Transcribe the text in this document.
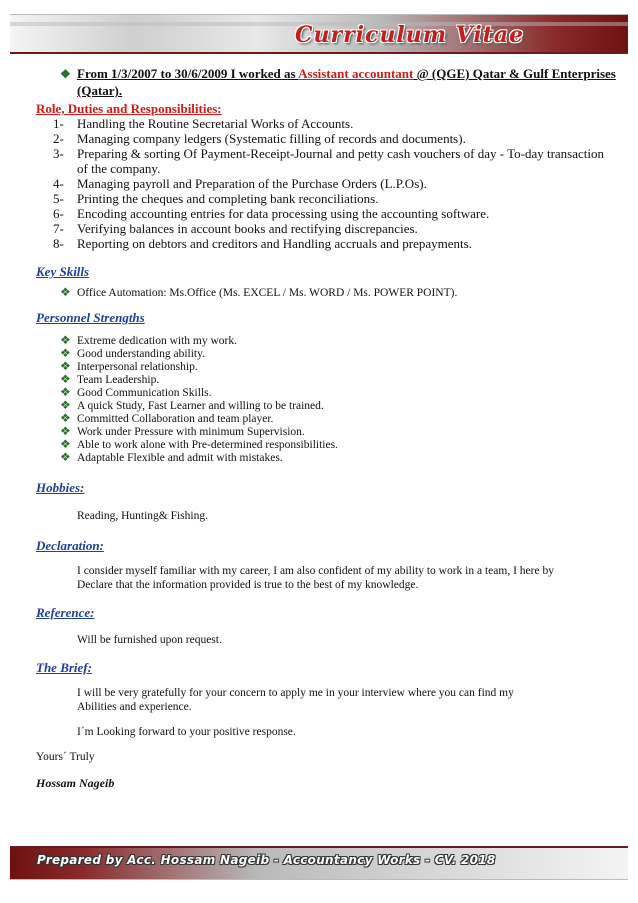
Curriculum Vitae
❖ From 1/3/2007 to 30/6/2009 I worked as Assistant accountant @ (QGE) Qatar & Gulf Enterprises
(Qatar).
Role, Duties and Responsibilities:
1- Handling the Routine Secretarial Works of Accounts.
2- Managing company ledgers (Systematic filling of records and documents).
3- Preparing & sorting Of Payment-Receipt-Journal and petty cash vouchers of day - To-day transaction
of the company.
4- Managing payroll and Preparation of the Purchase Orders (L.P.Os).
5- Printing the cheques and completing bank reconciliations.
6- Encoding accounting entries for data processing using the accounting software.
7- Verifying balances in account books and rectifying discrepancies.
8- Reporting on debtors and creditors and Handling accruals and prepayments.
Key Skills
❖ Office Automation: Ms.Office (Ms. EXCEL / Ms. WORD / Ms. POWER POINT).
Personnel Strengths
❖ Extreme dedication with my work.
❖ Good understanding ability.
❖ Interpersonal relationship.
❖ Team Leadership.
❖ Good Communication Skills.
❖ A quick Study, Fast Learner and willing to be trained.
❖ Committed Collaboration and team player.
❖ Work under Pressure with minimum Supervision.
❖ Able to work alone with Pre-determined responsibilities.
❖ Adaptable Flexible and admit with mistakes.
Hobbies:
Reading, Hunting& Fishing.
Declaration:
I consider myself familiar with my career, I am also confident of my ability to work in a team, I here by
Declare that the information provided is true to the best of my knowledge.
Reference:
Will be furnished upon request.
The Brief:
I will be very gratefully for your concern to apply me in your interview where you can find my
Abilities and experience.
I´m Looking forward to your positive response.
Yours´ Truly
Hossam Nageib
Prepared by Acc. Hossam Nageib - Accountancy Works - CV. 2018
